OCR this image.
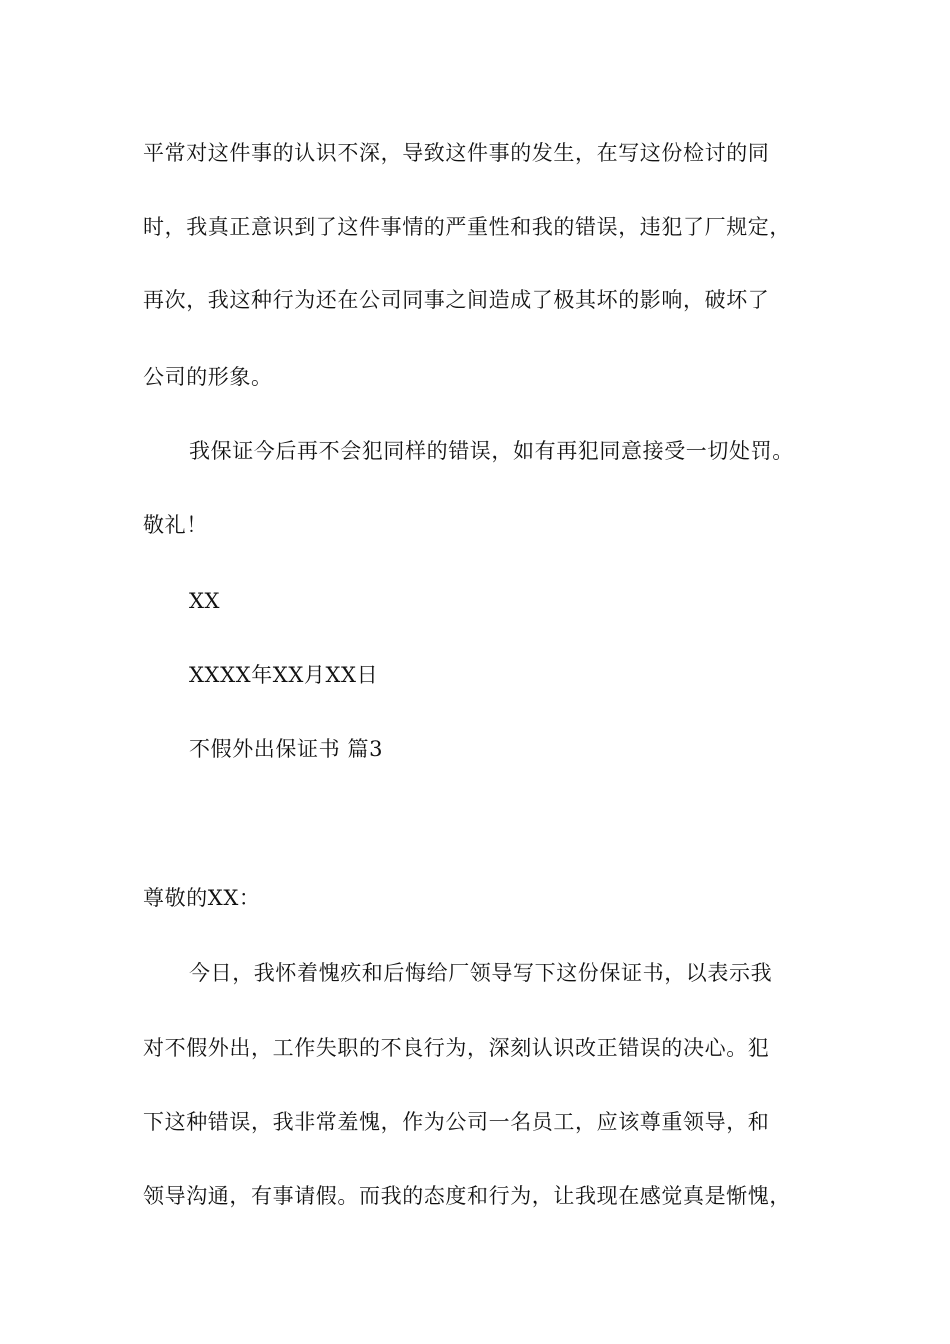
平常对这件事的认识不深，导致这件事的发生，在写这份检讨的同
时，我真正意识到了这件事情的严重性和我的错误，违犯了厂规定，
再次，我这种行为还在公司同事之间造成了极其坏的影响，破坏了
公司的形象。
我保证今后再不会犯同样的错误，如有再犯同意接受一切处罚。
敬礼！
XX
XXXX年XX月XX日
不假外出保证书 篇3
尊敬的XX：
今日，我怀着愧疚和后悔给厂领导写下这份保证书，以表示我
对不假外出，工作失职的不良行为，深刻认识改正错误的决心。犯
下这种错误，我非常羞愧，作为公司一名员工，应该尊重领导，和
领导沟通，有事请假。而我的态度和行为，让我现在感觉真是惭愧，
